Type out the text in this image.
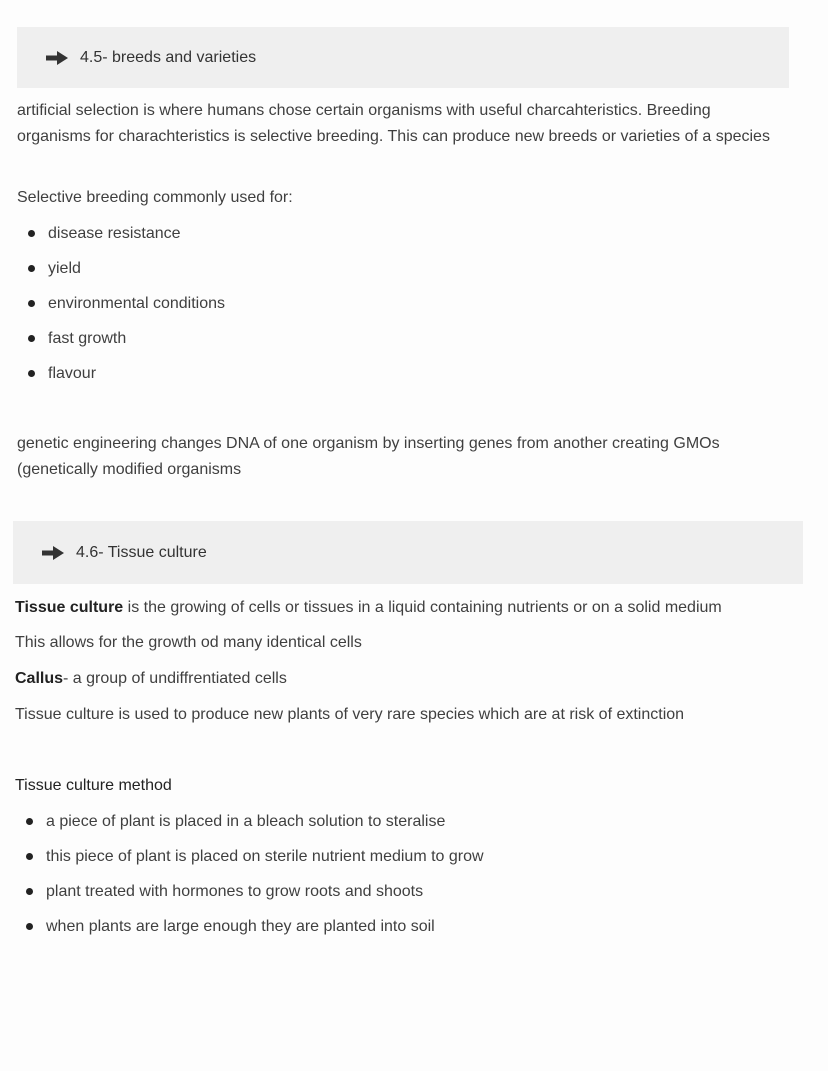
4.5- breeds and varieties

artificial selection is where humans chose certain organisms with useful charcahteristics. Breeding organisms for charachteristics is selective breeding. This can produce new breeds or varieties of a species

Selective breeding commonly used for:

disease resistance
yield
environmental conditions
fast growth
flavour

genetic engineering changes DNA of one organism by inserting genes from another creating GMOs (genetically modified organisms

4.6- Tissue culture

Tissue culture is the growing of cells or tissues in a liquid containing nutrients or on a solid medium

This allows for the growth od many identical cells

Callus- a group of undiffrentiated cells

Tissue culture is used to produce new plants of very rare species which are at risk of extinction

Tissue culture method

a piece of plant is placed in a bleach solution to steralise
this piece of plant is placed on sterile nutrient medium to grow
plant treated with hormones to grow roots and shoots
when plants are large enough they are planted into soil
